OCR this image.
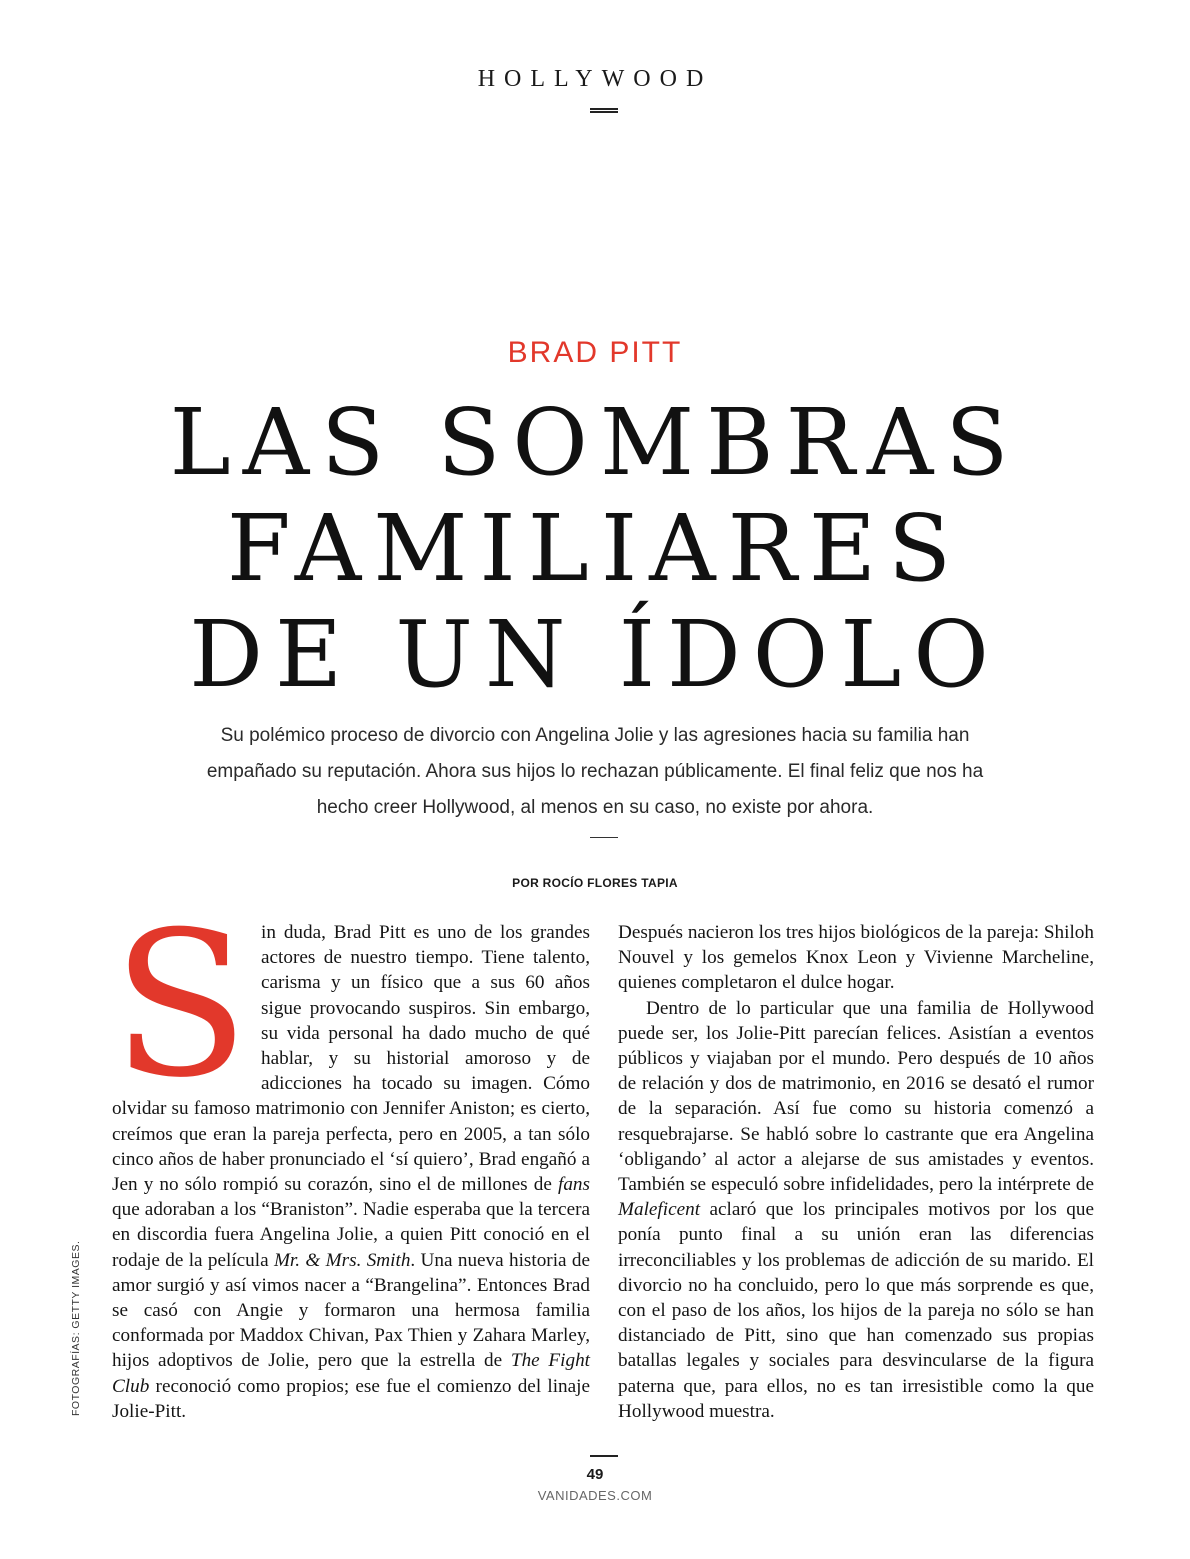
HOLLYWOOD
BRAD PITT
LAS SOMBRAS
FAMILIARES
DE UN ÍDOLO
Su polémico proceso de divorcio con Angelina Jolie y las agresiones hacia su familia han empañado su reputación. Ahora sus hijos lo rechazan públicamente. El final feliz que nos ha hecho creer Hollywood, al menos en su caso, no existe por ahora.
POR ROCÍO FLORES TAPIA

Sin duda, Brad Pitt es uno de los grandes actores de nuestro tiempo. Tiene talento, carisma y un físico que a sus 60 años sigue provocando suspiros. Sin embargo, su vida personal ha dado mucho de qué hablar, y su historial amoroso y de adicciones ha tocado su imagen. Cómo olvidar su famoso matrimonio con Jennifer Aniston; es cierto, creímos que eran la pareja perfecta, pero en 2005, a tan sólo cinco años de haber pronunciado el ‘sí quiero’, Brad engañó a Jen y no sólo rompió su corazón, sino el de millones de fans que adoraban a los “Braniston”. Nadie esperaba que la tercera en discordia fuera Angelina Jolie, a quien Pitt conoció en el rodaje de la película Mr. & Mrs. Smith. Una nueva historia de amor surgió y así vimos nacer a “Brangelina”. Entonces Brad se casó con Angie y formaron una hermosa familia conformada por Maddox Chivan, Pax Thien y Zahara Marley, hijos adoptivos de Jolie, pero que la estrella de The Fight Club reconoció como propios; ese fue el comienzo del linaje Jolie-Pitt.

Después nacieron los tres hijos biológicos de la pareja: Shiloh Nouvel y los gemelos Knox Leon y Vivienne Marcheline, quienes completaron el dulce hogar.

Dentro de lo particular que una familia de Hollywood puede ser, los Jolie-Pitt parecían felices. Asistían a eventos públicos y viajaban por el mundo. Pero después de 10 años de relación y dos de matrimonio, en 2016 se desató el rumor de la separación. Así fue como su historia comenzó a resquebrajarse. Se habló sobre lo castrante que era Angelina ‘obligando’ al actor a alejarse de sus amistades y eventos. También se especuló sobre infidelidades, pero la intérprete de Maleficent aclaró que los principales motivos por los que ponía punto final a su unión eran las diferencias irreconciliables y los problemas de adicción de su marido. El divorcio no ha concluido, pero lo que más sorprende es que, con el paso de los años, los hijos de la pareja no sólo se han distanciado de Pitt, sino que han comenzado sus propias batallas legales y sociales para desvincularse de la figura paterna que, para ellos, no es tan irresistible como la que Hollywood muestra.

FOTOGRAFÍAS: GETTY IMAGES.
49
VANIDADES.COM
